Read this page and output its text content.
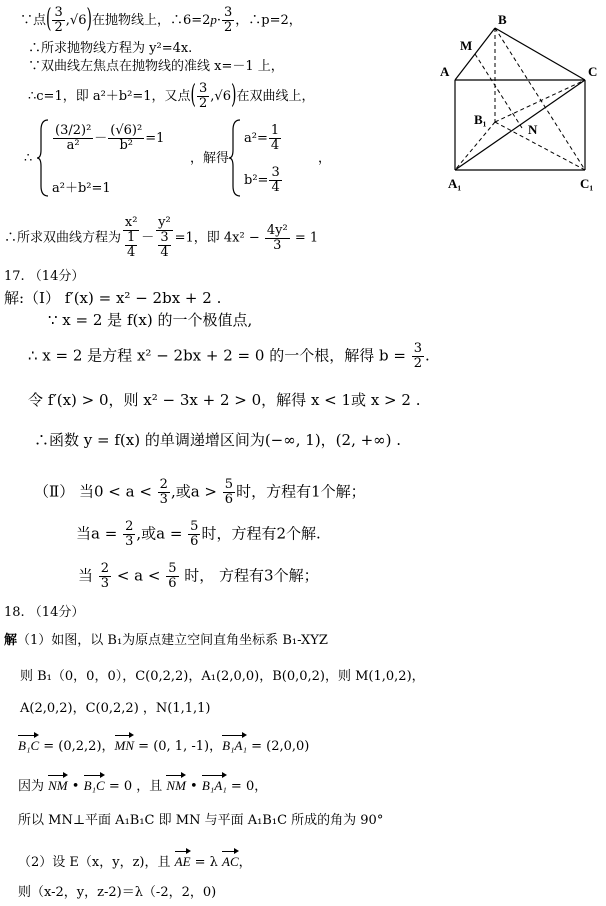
∵点( $\frac{3}{2} ,√6$)在抛物线上，∴6=2p· $\frac{3}{2}$ ，∴p=2，
∴所求抛物线方程为 y²=4x.
∵双曲线左焦点在抛物线的准线 x=－1 上，
∴c=1，即 a²＋b²=1，又点( $\frac{3}{2} ,√6$)在双曲线上，
∴
$\frac{\text{(3/2)²}}{\text{a²}} - \frac{\text{(√6)²}}{\text{b²}} =1$
a²＋b²=1
，解得
$a^2= \frac{1}{4}$
$b^2= \frac{3}{4}$
，
∴所求双曲线方程为 $\frac{\text{x²}}{\frac{1}{4}} - \frac{\text{y²}}{\frac{3}{4}} =1$，即 $4x^2 - \frac{\text{4y²}}{3} = 1$
17. （14分）
解:（Ⅰ） f′(x) = x² − 2bx + 2 .
∵ x = 2 是 f(x) 的一个极值点,
∴ x = 2 是方程 x² − 2bx + 2 = 0 的一个根，解得 $b = \frac{3}{2}$ .
令 f′(x) > 0，则 x² − 3x + 2 > 0，解得 x < 1或 x > 2 .
∴函数 y = f(x) 的单调递增区间为(−∞, 1)，(2, +∞) .
（Ⅱ） 当$0 < a < \frac{2}{3}$ ,或$a > \frac{5}{6}$ 时，方程有1个解；
当$a = \frac{2}{3}$ ,或$a = \frac{5}{6}$ 时，方程有2个解.
当 $\frac{2}{3} < a < \frac{5}{6}$ 时， 方程有3个解；
18. （14分）
解（1）如图，以 B₁为原点建立空间直角坐标系 B₁-XYZ
则 B₁（0，0，0），C(0,2,2)，A₁(2,0,0)，B(0,0,2)，则 M(1,0,2)，
A(2,0,2)，C(0,2,2) ，N(1,1,1)
B₁C = (0,2,2)，MN = (0, 1, -1)，B₁A₁ = (2,0,0)
因为 NM • B₁C = 0 ，且 NM • B₁A₁ = 0，
所以 MN⊥平面 A₁B₁C 即 MN 与平面 A₁B₁C 所成的角为 90°
（2）设 E（x，y，z)，且 AE = λ AC，
则（x-2，y，z-2)＝λ（-2，2，0)
A
B
C
M
N
B₁
A₁	C₁
